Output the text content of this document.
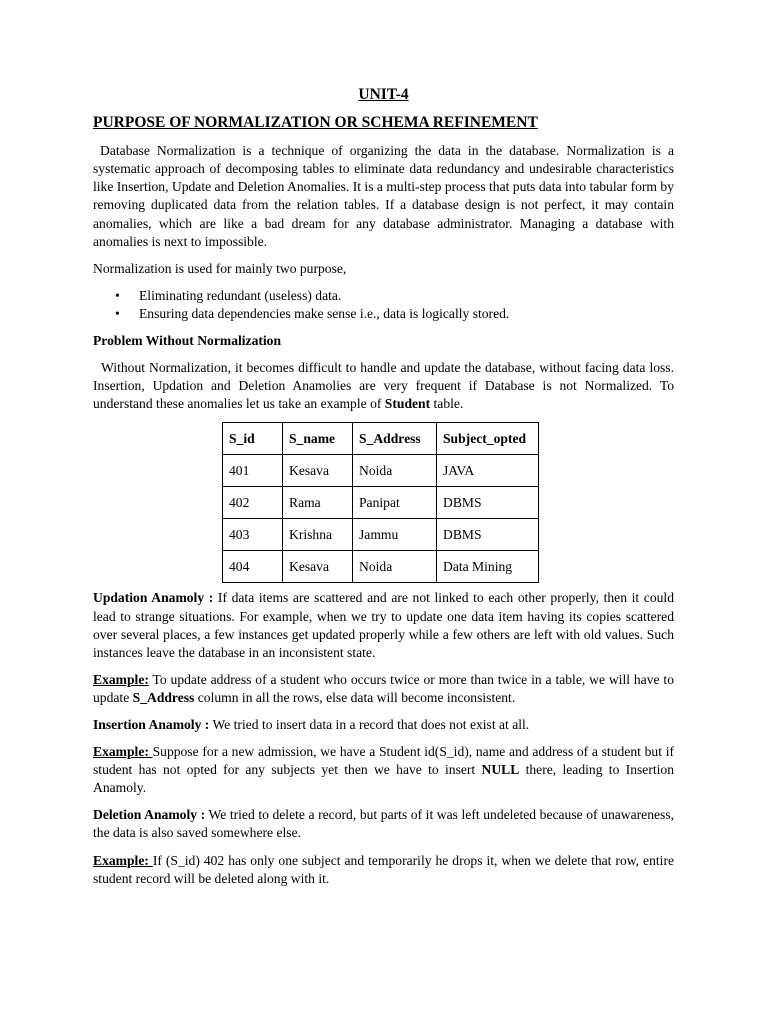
UNIT-4
PURPOSE OF NORMALIZATION OR SCHEMA REFINEMENT

Database Normalization is a technique of organizing the data in the database. Normalization is a systematic approach of decomposing tables to eliminate data redundancy and undesirable characteristics like Insertion, Update and Deletion Anomalies. It is a multi-step process that puts data into tabular form by removing duplicated data from the relation tables. If a database design is not perfect, it may contain anomalies, which are like a bad dream for any database administrator. Managing a database with anomalies is next to impossible.

Normalization is used for mainly two purpose,

• Eliminating redundant (useless) data.
• Ensuring data dependencies make sense i.e., data is logically stored.
Problem Without Normalization

Without Normalization, it becomes difficult to handle and update the database, without facing data loss. Insertion, Updation and Deletion Anamolies are very frequent if Database is not Normalized. To understand these anomalies let us take an example of Student table.

S_id	S_name	S_Address	Subject_opted
401	Kesava	Noida	JAVA
402	Rama	Panipat	DBMS
403	Krishna	Jammu	DBMS
404	Kesava	Noida	Data Mining

Updation Anamoly : If data items are scattered and are not linked to each other properly, then it could lead to strange situations. For example, when we try to update one data item having its copies scattered over several places, a few instances get updated properly while a few others are left with old values. Such instances leave the database in an inconsistent state.

Example: To update address of a student who occurs twice or more than twice in a table, we will have to update S_Address column in all the rows, else data will become inconsistent.

Insertion Anamoly : We tried to insert data in a record that does not exist at all.

Example: Suppose for a new admission, we have a Student id(S_id), name and address of a student but if student has not opted for any subjects yet then we have to insert NULL there, leading to Insertion Anamoly.

Deletion Anamoly : We tried to delete a record, but parts of it was left undeleted because of unawareness, the data is also saved somewhere else.

Example: If (S_id) 402 has only one subject and temporarily he drops it, when we delete that row, entire student record will be deleted along with it.
